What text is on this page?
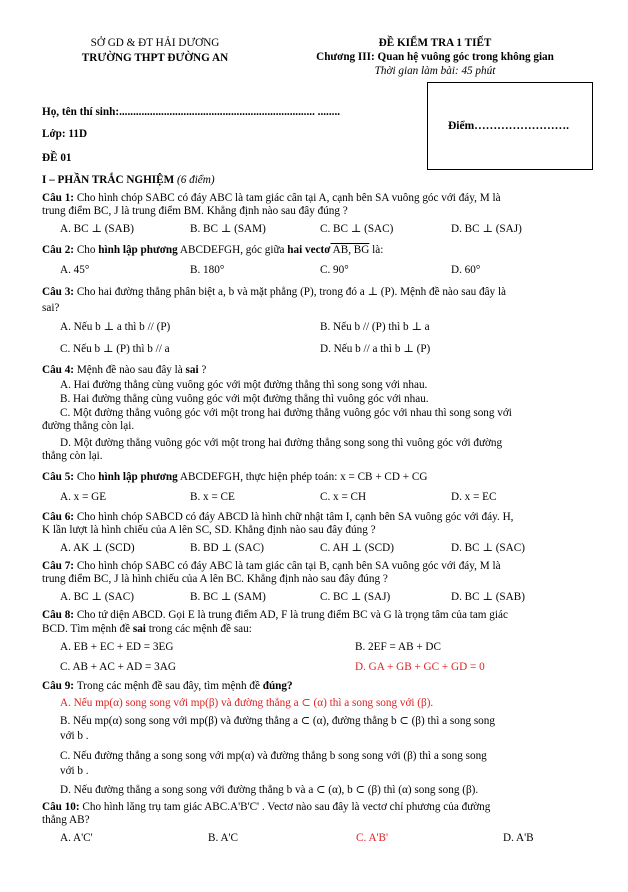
SỞ GD & ĐT HẢI DƯƠNG
TRƯỜNG THPT ĐƯỜNG AN
ĐỀ KIỂM TRA 1 TIẾT
Chương III: Quan hệ vuông góc trong không gian
Thời gian làm bài: 45 phút
Họ, tên thí sinh:...................................................................... ........
Lớp: 11D
ĐỀ 01
Điểm…………………….
I – PHẦN TRẮC NGHIỆM (6 điểm)
Câu 1: Cho hình chóp SABC có đáy ABC là tam giác cân tại A, cạnh bên SA vuông góc với đáy, M là
trung điểm BC, J là trung điểm BM. Khẳng định nào sau đây đúng ?
A. BC ⊥ (SAB)	B. BC ⊥ (SAM)	C. BC ⊥ (SAC)	D. BC ⊥ (SAJ)
Câu 2: Cho hình lập phương ABCDEFGH, góc giữa hai vectơ AB, BG là:
A. 45°	B. 180°	C. 90°	D. 60°
Câu 3: Cho hai đường thẳng phân biệt a, b và mặt phẳng (P), trong đó a ⊥ (P). Mệnh đề nào sau đây là
sai?
A. Nếu b ⊥ a thì b // (P)	B. Nếu b // (P) thì b ⊥ a
C. Nếu b ⊥ (P) thì b // a	D. Nếu b // a thì b ⊥ (P)
Câu 4: Mệnh đề nào sau đây là sai ?
A. Hai đường thẳng cùng vuông góc với một đường thẳng thì song song với nhau.
B. Hai đường thẳng cùng vuông góc với một đường thẳng thì vuông góc với nhau.
C. Một đường thẳng vuông góc với một trong hai đường thẳng vuông góc với nhau thì song song với
đường thẳng còn lại.
D. Một đường thẳng vuông góc với một trong hai đường thẳng song song thì vuông góc với đường
thẳng còn lại.
Câu 5: Cho hình lập phương ABCDEFGH, thực hiện phép toán: x = CB + CD + CG
A. x = GE	B. x = CE	C. x = CH	D. x = EC
Câu 6: Cho hình chóp SABCD có đáy ABCD là hình chữ nhật tâm I, cạnh bên SA vuông góc với đáy. H,
K lần lượt là hình chiếu của A lên SC, SD. Khẳng định nào sau đây đúng ?
A. AK ⊥ (SCD)	B. BD ⊥ (SAC)	C. AH ⊥ (SCD)	D. BC ⊥ (SAC)
Câu 7: Cho hình chóp SABC có đáy ABC là tam giác cân tại B, cạnh bên SA vuông góc với đáy, M là
trung điểm BC, J là hình chiếu của A lên BC. Khẳng định nào sau đây đúng ?
A. BC ⊥ (SAC)	B. BC ⊥ (SAM)	C. BC ⊥ (SAJ)	D. BC ⊥ (SAB)
Câu 8: Cho tứ diện ABCD. Gọi E là trung điểm AD, F là trung điểm BC và G là trọng tâm của tam giác
BCD. Tìm mệnh đề sai trong các mệnh đề sau:
A. EB + EC + ED = 3EG	B. 2EF = AB + DC
C. AB + AC + AD = 3AG	D. GA + GB + GC + GD = 0
Câu 9: Trong các mệnh đề sau đây, tìm mệnh đề đúng?
A. Nếu mp(α) song song với mp(β) và đường thẳng a ⊂ (α) thì a song song với (β).
B. Nếu mp(α) song song với mp(β) và đường thẳng a ⊂ (α), đường thẳng b ⊂ (β) thì a song song
với b .
C. Nếu đường thẳng a song song với mp(α) và đường thẳng b song song với (β) thì a song song
với b .
D. Nếu đường thẳng a song song với đường thẳng b và a ⊂ (α), b ⊂ (β) thì (α) song song (β).
Câu 10: Cho hình lăng trụ tam giác ABC.A'B'C' . Vectơ nào sau đây là vectơ chỉ phương của đường
thẳng AB?
A. A'C'	B. A'C	C. A'B'	D. A'B
